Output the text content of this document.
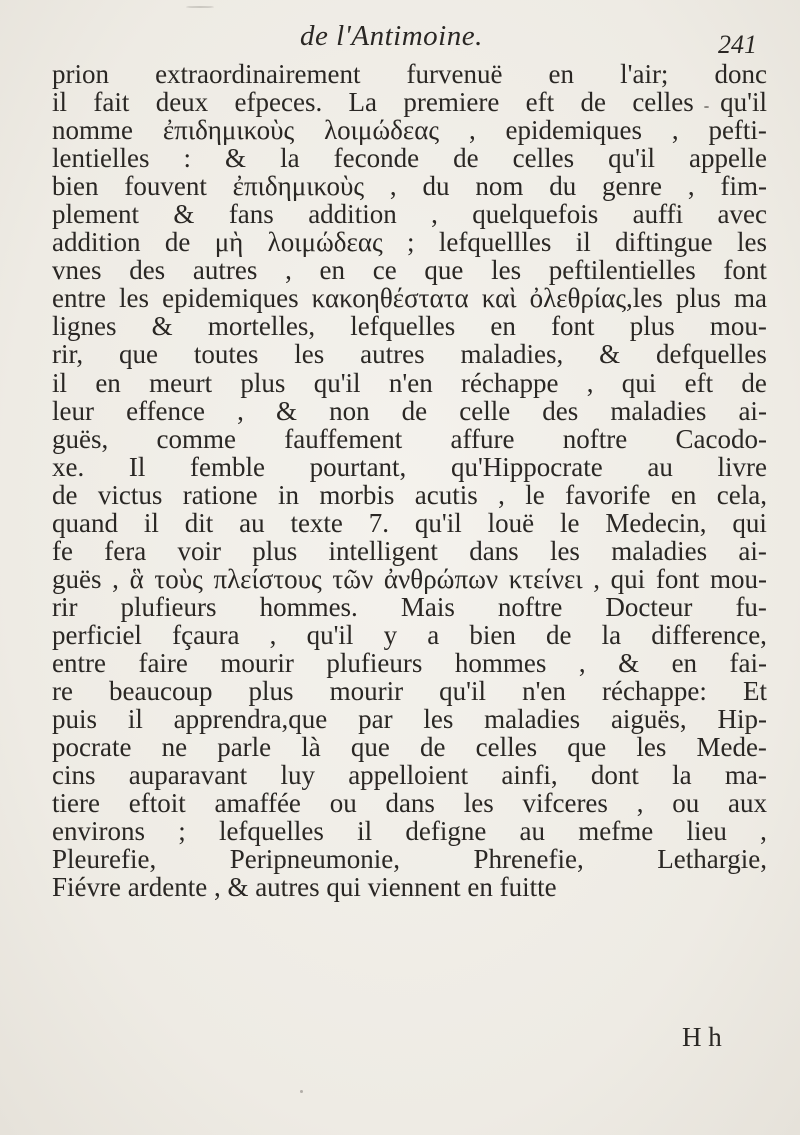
de l'Antimoine.	241
prion extraordinairement furvenuë en l'air; donc
il fait deux efpeces. La premiere eft de celles qu'il
nomme ἐπιδημικοὺς λοιμώδεας , epidemiques , pefti-
lentielles : & la feconde de celles qu'il appelle
bien fouvent ἐπιδημικοὺς , du nom du genre , fim-
plement & fans addition , quelquefois auffi avec
addition de μὴ λοιμώδεας ; lefquellles il diftingue les
vnes des autres , en ce que les peftilentielles font
entre les epidemiques κακοηθέστατα καὶ ὀλεθρίας,les plus ma
lignes & mortelles, lefquelles en font plus mou-
rir, que toutes les autres maladies, & defquelles
il en meurt plus qu'il n'en réchappe , qui eft de
leur effence , & non de celle des maladies ai-
guës, comme fauffement affure noftre Cacodo-
xe. Il femble pourtant, qu'Hippocrate au livre
de victus ratione in morbis acutis , le favorife en cela,
quand il dit au texte 7. qu'il louë le Medecin, qui
fe fera voir plus intelligent dans les maladies ai-
guës , ἃ τοὺς πλείστους τῶν ἀνθρώπων κτείνει , qui font mou-
rir plufieurs hommes. Mais noftre Docteur fu-
perficiel fçaura , qu'il y a bien de la difference,
entre faire mourir plufieurs hommes , & en fai-
re beaucoup plus mourir qu'il n'en réchappe: Et
puis il apprendra,que par les maladies aiguës, Hip-
pocrate ne parle là que de celles que les Mede-
cins auparavant luy appelloient ainfi, dont la ma-
tiere eftoit amaffée ou dans les vifceres , ou aux
environs ; lefquelles il defigne au mefme lieu ,
Pleurefie,	Peripneumonie,	Phrenefie,	Lethargie,
Fiévre ardente , & autres qui viennent en fuitte
H h
